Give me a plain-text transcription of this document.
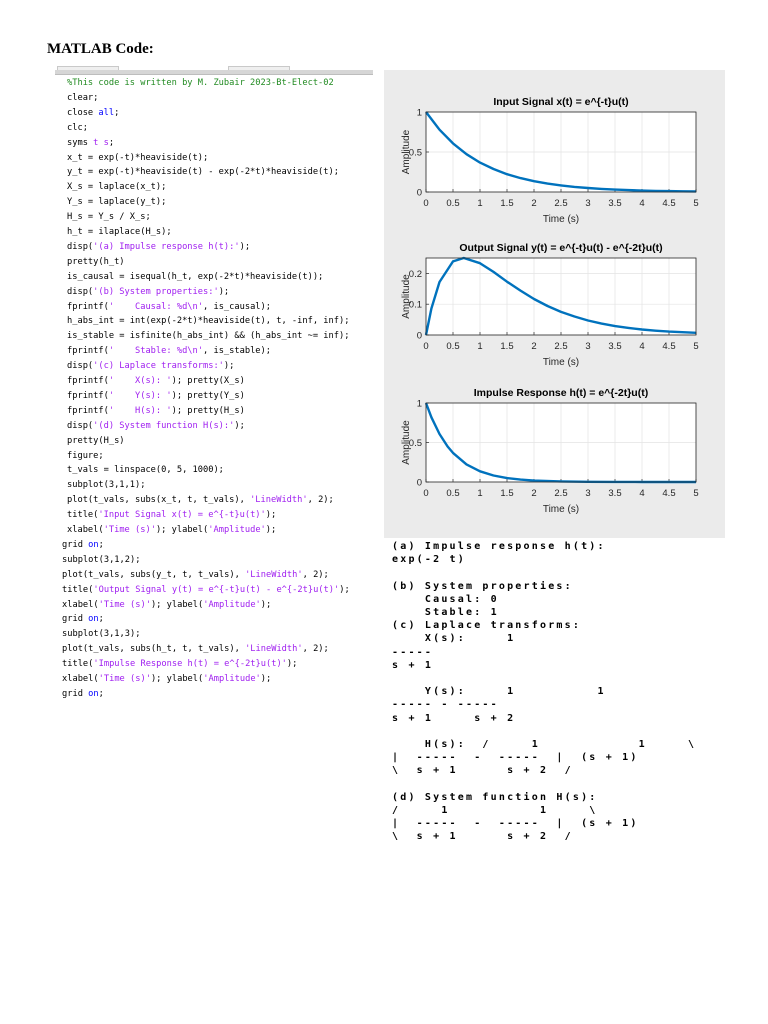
MATLAB Code:
%This code is written by M. Zubair 2023-Bt-Elect-02
clear;
close all;
clc;
syms t s;
x_t = exp(-t)*heaviside(t);
y_t = exp(-t)*heaviside(t) - exp(-2*t)*heaviside(t);
X_s = laplace(x_t);
Y_s = laplace(y_t);
H_s = Y_s / X_s;
h_t = ilaplace(H_s);
disp('(a) Impulse response h(t):');
pretty(h_t)
is_causal = isequal(h_t, exp(-2*t)*heaviside(t));
disp('(b) System properties:');
fprintf('    Causal: %d\n', is_causal);
h_abs_int = int(exp(-2*t)*heaviside(t), t, -inf, inf);
is_stable = isfinite(h_abs_int) && (h_abs_int ~= inf);
fprintf('    Stable: %d\n', is_stable);
disp('(c) Laplace transforms:');
fprintf('    X(s): '); pretty(X_s)
fprintf('    Y(s): '); pretty(Y_s)
fprintf('    H(s): '); pretty(H_s)
disp('(d) System function H(s):');
pretty(H_s)
figure;
t_vals = linspace(0, 5, 1000);
subplot(3,1,1);
plot(t_vals, subs(x_t, t, t_vals), 'LineWidth', 2);
title('Input Signal x(t) = e^{-t}u(t)');
xlabel('Time (s)'); ylabel('Amplitude');
grid on;
subplot(3,1,2);
plot(t_vals, subs(y_t, t, t_vals), 'LineWidth', 2);
title('Output Signal y(t) = e^{-t}u(t) - e^{-2t}u(t)');
xlabel('Time (s)'); ylabel('Amplitude');
grid on;
subplot(3,1,3);
plot(t_vals, subs(h_t, t, t_vals), 'LineWidth', 2);
title('Impulse Response h(t) = e^{-2t}u(t)');
xlabel('Time (s)'); ylabel('Amplitude');
grid on;
0 0.5 1 1.5 2 2.5 3 3.5 4 4.5 5
0
0.5
1
Input Signal x(t) = e^{-t}u(t)
Time (s)
Amplitude
0 0.5 1 1.5 2 2.5 3 3.5 4 4.5 5
0
0.1
0.2
Output Signal y(t) = e^{-t}u(t) - e^{-2t}u(t)
Time (s)
Amplitude
0 0.5 1 1.5 2 2.5 3 3.5 4 4.5 5
0
0.5
1
Impulse Response h(t) = e^{-2t}u(t)
Time (s)
Amplitude
(a) Impulse response h(t):
exp(-2 t)
(b) System properties:
Causal: 0
Stable: 1
(c) Laplace transforms:
X(s):     1
-----
s + 1
Y(s):     1          1
----- - -----
s + 1     s + 2
H(s):  /     1            1     \
|  -----  -  -----  |  (s + 1)
\  s + 1      s + 2  /
(d) System function H(s):
/     1           1     \
|  -----  -  -----  |  (s + 1)
\  s + 1      s + 2  /
